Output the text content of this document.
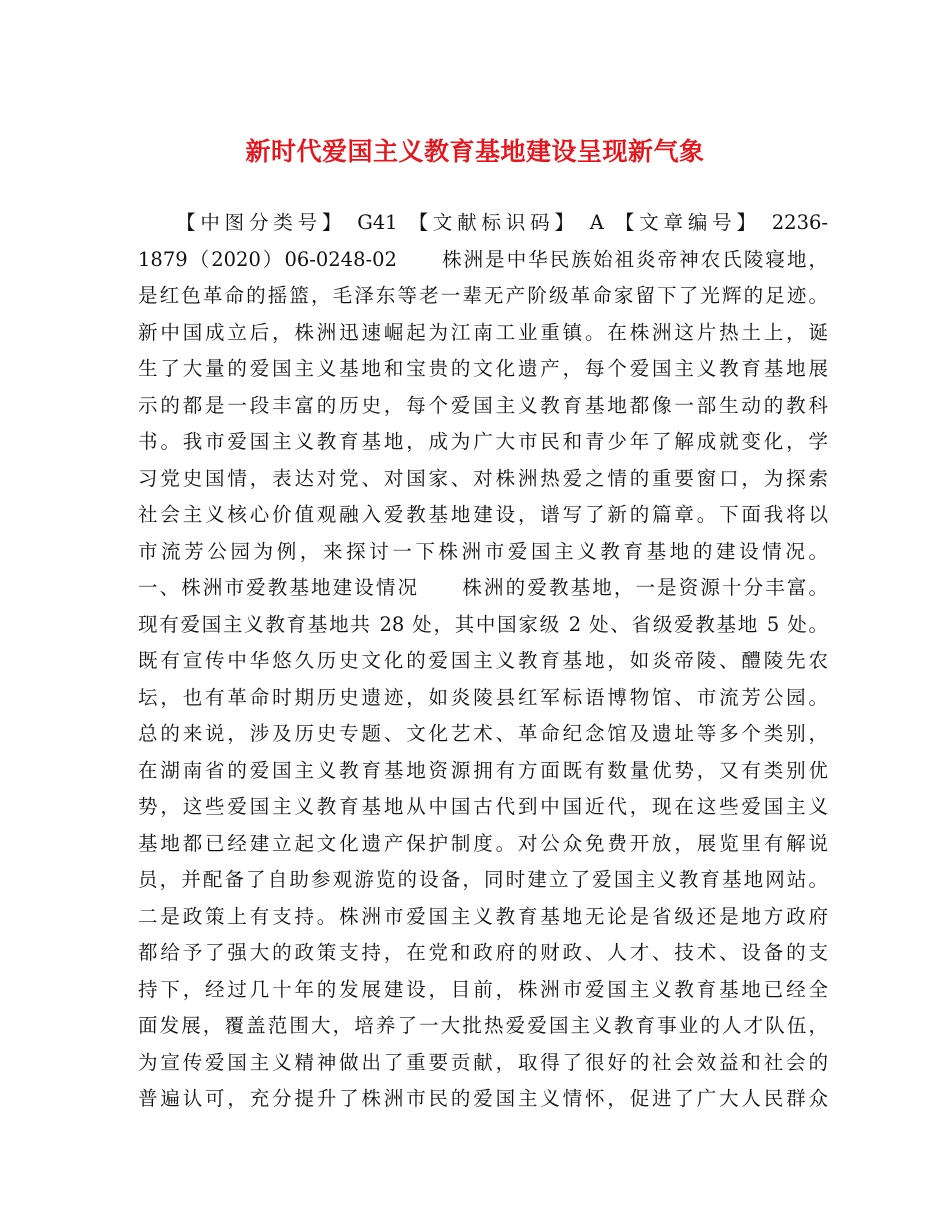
新时代爱国主义教育基地建设呈现新气象
【中图分类号】 G41 【文献标识码】 A 【文章编号】 2236-
1879（2020）06-0248-02　　株洲是中华民族始祖炎帝神农氏陵寝地，
是红色革命的摇篮，毛泽东等老一辈无产阶级革命家留下了光辉的足迹。
新中国成立后，株洲迅速崛起为江南工业重镇。在株洲这片热土上，诞
生了大量的爱国主义基地和宝贵的文化遗产，每个爱国主义教育基地展
示的都是一段丰富的历史，每个爱国主义教育基地都像一部生动的教科
书。我市爱国主义教育基地，成为广大市民和青少年了解成就变化，学
习党史国情，表达对党、对国家、对株洲热爱之情的重要窗口，为探索
社会主义核心价值观融入爱教基地建设，谱写了新的篇章。下面我将以
市流芳公园为例，来探讨一下株洲市爱国主义教育基地的建设情况。
一、株洲市爱教基地建设情况　　株洲的爱教基地，一是资源十分丰富。
现有爱国主义教育基地共 28 处，其中国家级 2 处、省级爱教基地 5 处。
既有宣传中华悠久历史文化的爱国主义教育基地，如炎帝陵、醴陵先农
坛，也有革命时期历史遗迹，如炎陵县红军标语博物馆、市流芳公园。
总的来说，涉及历史专题、文化艺术、革命纪念馆及遗址等多个类别，
在湖南省的爱国主义教育基地资源拥有方面既有数量优势，又有类别优
势，这些爱国主义教育基地从中国古代到中国近代，现在这些爱国主义
基地都已经建立起文化遗产保护制度。对公众免费开放，展览里有解说
员，并配备了自助参观游览的设备，同时建立了爱国主义教育基地网站。
二是政策上有支持。株洲市爱国主义教育基地无论是省级还是地方政府
都给予了强大的政策支持，在党和政府的财政、人才、技术、设备的支
持下，经过几十年的发展建设，目前，株洲市爱国主义教育基地已经全
面发展，覆盖范围大，培养了一大批热爱爱国主义教育事业的人才队伍，
为宣传爱国主义精神做出了重要贡献，取得了很好的社会效益和社会的
普遍认可，充分提升了株洲市民的爱国主义情怀，促进了广大人民群众
